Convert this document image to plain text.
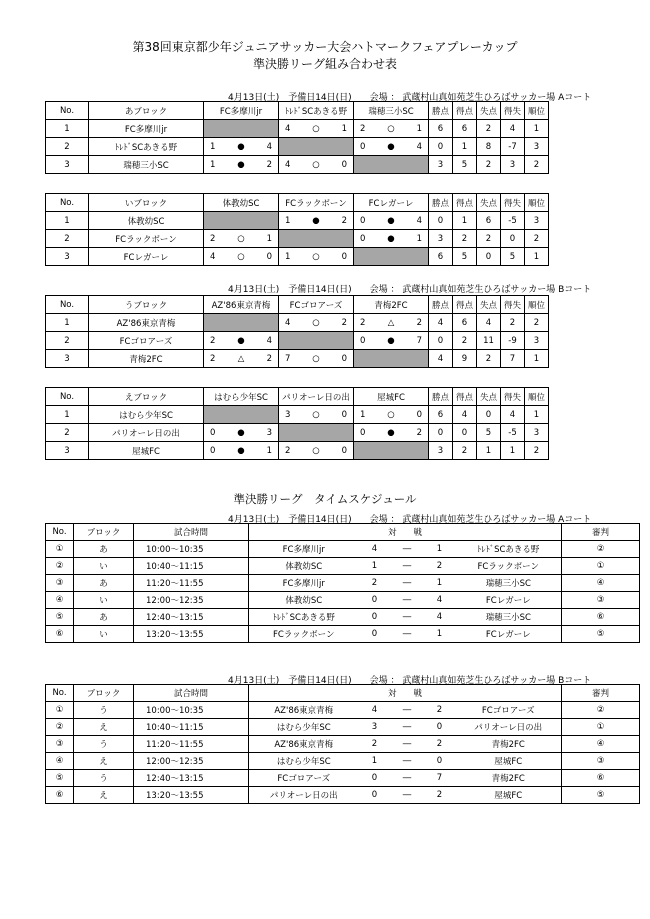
第38回東京都少年ジュニアサッカー大会ハトマークフェアプレーカップ
準決勝リーグ組み合わせ表
4月13日(土)　予備日14日(日)　　会場 ： 武蔵村山真如苑芝生ひろばサッカー場 Aコート
No.	あブロック	FC多摩川jr	ﾄﾚﾄﾞSCあきる野	瑞穂三小SC	勝点	得点	失点	得失	順位
1	FC多摩川jr		4 ○ 1	2 ○ 1	6	6	2	4	1
2	ﾄﾚﾄﾞSCあきる野	1 ● 4		0 ● 4	0	1	8	-7	3
3	瑞穂三小SC	1 ● 2	4 ○ 0		3	5	2	3	2
No.	いブロック	体教幼SC	FCラックボーン	FCレガーレ	勝点	得点	失点	得失	順位
1	体教幼SC		1 ● 2	0 ● 4	0	1	6	-5	3
2	FCラックボーン	2 ○ 1		0 ● 1	3	2	2	0	2
3	FCレガーレ	4 ○ 0	1 ○ 0		6	5	0	5	1
4月13日(土)　予備日14日(日)　　会場 ： 武蔵村山真如苑芝生ひろばサッカー場 Bコート
No.	うブロック	AZ'86東京青梅	FCゴロアーズ	青梅2FC	勝点	得点	失点	得失	順位
1	AZ'86東京青梅		4 ○ 2	2 △ 2	4	6	4	2	2
2	FCゴロアーズ	2 ● 4		0 ● 7	0	2	11	-9	3
3	青梅2FC	2 △ 2	7 ○ 0		4	9	2	7	1
No.	えブロック	はむら少年SC	パリオーレ日の出	屋城FC	勝点	得点	失点	得失	順位
1	はむら少年SC		3 ○ 0	1 ○ 0	6	4	0	4	1
2	パリオーレ日の出	0 ● 3		0 ● 2	0	0	5	-5	3
3	屋城FC	0 ● 1	2 ○ 0		3	2	1	1	2
準決勝リーグ　タイムスケジュール
4月13日(土)　予備日14日(日)　　会場 ： 武蔵村山真如苑芝生ひろばサッカー場 Aコート
No.	ブロック	試合時間	対　　戦					審判
①	あ	10:00～10:35	FC多摩川jr	4	―	1	ﾄﾚﾄﾞSCあきる野	②
②	い	10:40～11:15	体教幼SC	1	―	2	FCラックボーン	①
③	あ	11:20～11:55	FC多摩川jr	2	―	1	瑞穂三小SC	④
④	い	12:00～12:35	体教幼SC	0	―	4	FCレガーレ	③
⑤	あ	12:40～13:15	ﾄﾚﾄﾞSCあきる野	0	―	4	瑞穂三小SC	⑥
⑥	い	13:20～13:55	FCラックボーン	0	―	1	FCレガーレ	⑤
4月13日(土)　予備日14日(日)　　会場 ： 武蔵村山真如苑芝生ひろばサッカー場 Bコート
No.	ブロック	試合時間	対　　戦					審判
①	う	10:00～10:35	AZ'86東京青梅	4	―	2	FCゴロアーズ	②
②	え	10:40～11:15	はむら少年SC	3	―	0	パリオーレ日の出	①
③	う	11:20～11:55	AZ'86東京青梅	2	―	2	青梅2FC	④
④	え	12:00～12:35	はむら少年SC	1	―	0	屋城FC	③
⑤	う	12:40～13:15	FCゴロアーズ	0	―	7	青梅2FC	⑥
⑥	え	13:20～13:55	パリオーレ日の出	0	―	2	屋城FC	⑤
